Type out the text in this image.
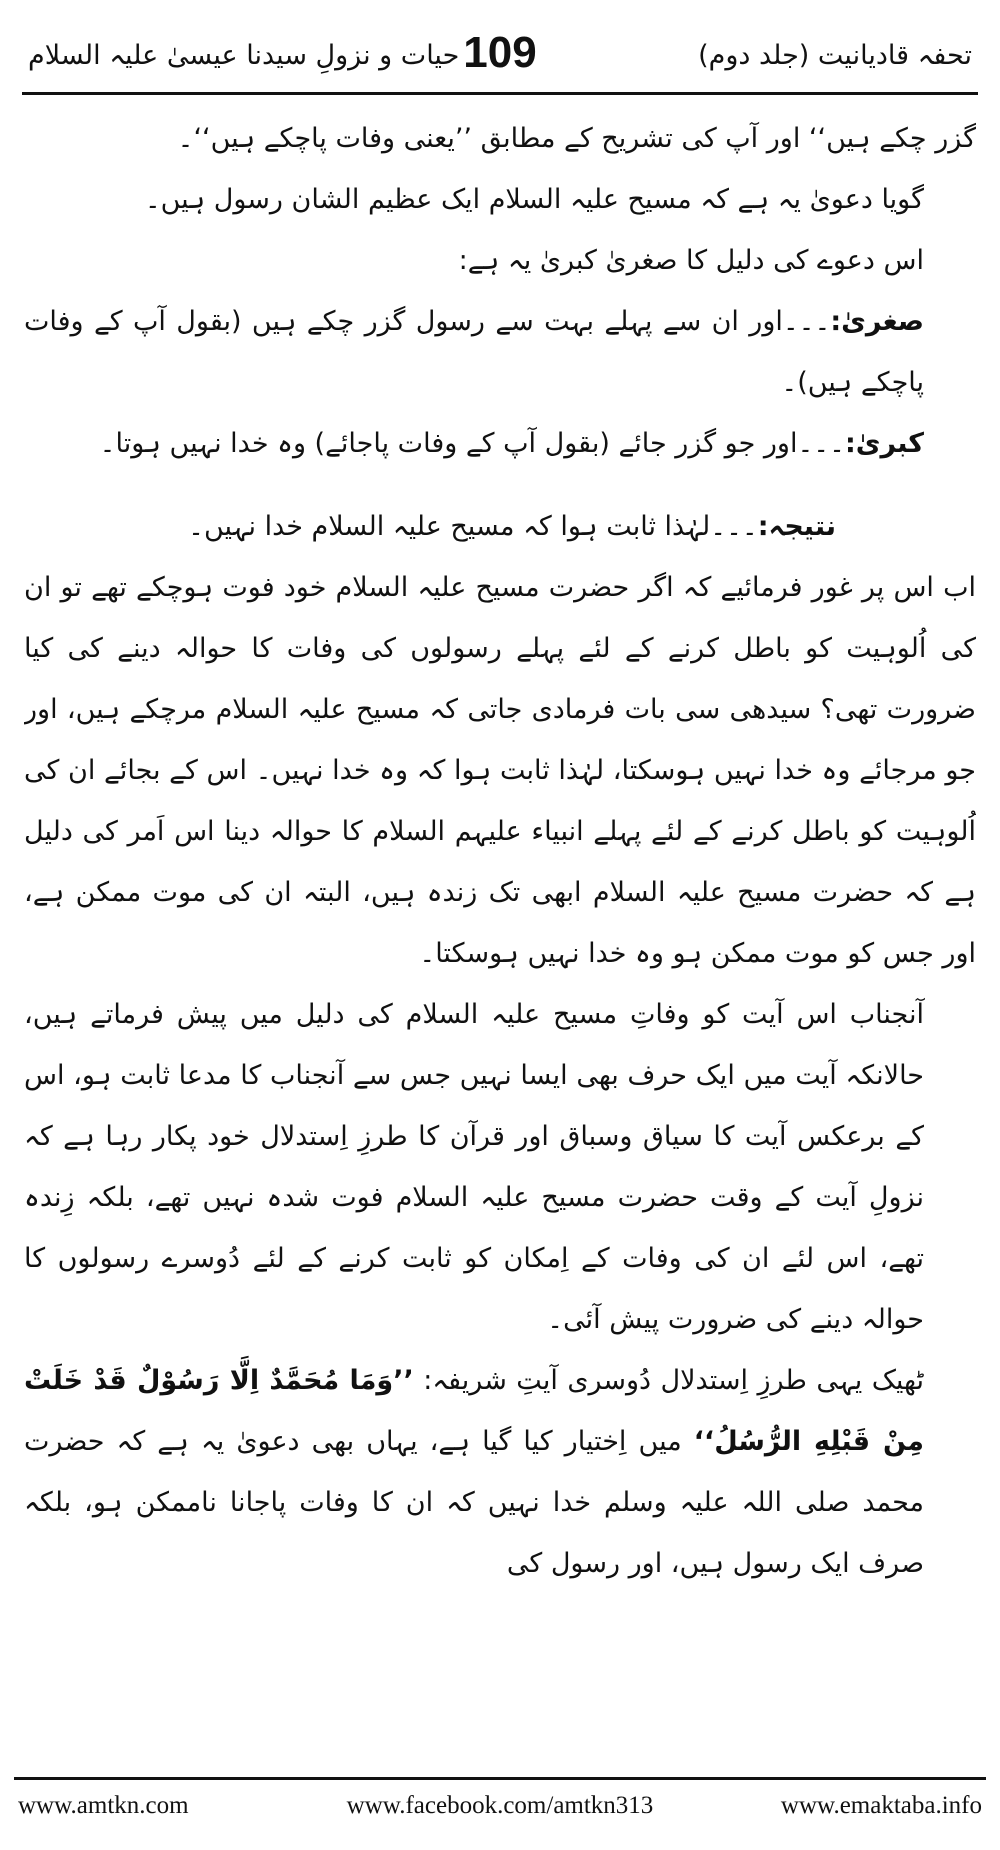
تحفہ قادیانیت (جلد دوم)
109
حیات و نزولِ سیدنا عیسیٰ علیہ السلام

گزر چکے ہیں‘‘ اور آپ کی تشریح کے مطابق ’’یعنی وفات پاچکے ہیں‘‘۔

گویا دعویٰ یہ ہے کہ مسیح علیہ السلام ایک عظیم الشان رسول ہیں۔

اس دعوے کی دلیل کا صغریٰ کبریٰ یہ ہے:

صغریٰ:۔۔۔اور ان سے پہلے بہت سے رسول گزر چکے ہیں (بقول آپ کے وفات پاچکے ہیں)۔

کبریٰ:۔۔۔اور جو گزر جائے (بقول آپ کے وفات پاجائے) وہ خدا نہیں ہوتا۔

نتیجہ:۔۔۔لہٰذا ثابت ہوا کہ مسیح علیہ السلام خدا نہیں۔

اب اس پر غور فرمائیے کہ اگر حضرت مسیح علیہ السلام خود فوت ہوچکے تھے تو ان کی اُلوہیت کو باطل کرنے کے لئے پہلے رسولوں کی وفات کا حوالہ دینے کی کیا ضرورت تھی؟ سیدھی سی بات فرمادی جاتی کہ مسیح علیہ السلام مرچکے ہیں، اور جو مرجائے وہ خدا نہیں ہوسکتا، لہٰذا ثابت ہوا کہ وہ خدا نہیں۔ اس کے بجائے ان کی اُلوہیت کو باطل کرنے کے لئے پہلے انبیاء علیہم السلام کا حوالہ دینا اس اَمر کی دلیل ہے کہ حضرت مسیح علیہ السلام ابھی تک زندہ ہیں، البتہ ان کی موت ممکن ہے، اور جس کو موت ممکن ہو وہ خدا نہیں ہوسکتا۔

آنجناب اس آیت کو وفاتِ مسیح علیہ السلام کی دلیل میں پیش فرماتے ہیں، حالانکہ آیت میں ایک حرف بھی ایسا نہیں جس سے آنجناب کا مدعا ثابت ہو، اس کے برعکس آیت کا سیاق وسباق اور قرآن کا طرزِ اِستدلال خود پکار رہا ہے کہ نزولِ آیت کے وقت حضرت مسیح علیہ السلام فوت شدہ نہیں تھے، بلکہ زِندہ تھے، اس لئے ان کی وفات کے اِمکان کو ثابت کرنے کے لئے دُوسرے رسولوں کا حوالہ دینے کی ضرورت پیش آئی۔

ٹھیک یہی طرزِ اِستدلال دُوسری آیتِ شریفہ: ’’وَمَا مُحَمَّدٌ اِلَّا رَسُوْلٌ قَدْ خَلَتْ مِنْ قَبْلِهِ الرُّسُلُ‘‘ میں اِختیار کیا گیا ہے، یہاں بھی دعویٰ یہ ہے کہ حضرت محمد صلی اللہ علیہ وسلم خدا نہیں کہ ان کا وفات پاجانا ناممکن ہو، بلکہ صرف ایک رسول ہیں، اور رسول کی

www.amtkn.com	www.facebook.com/amtkn313	www.emaktaba.info
